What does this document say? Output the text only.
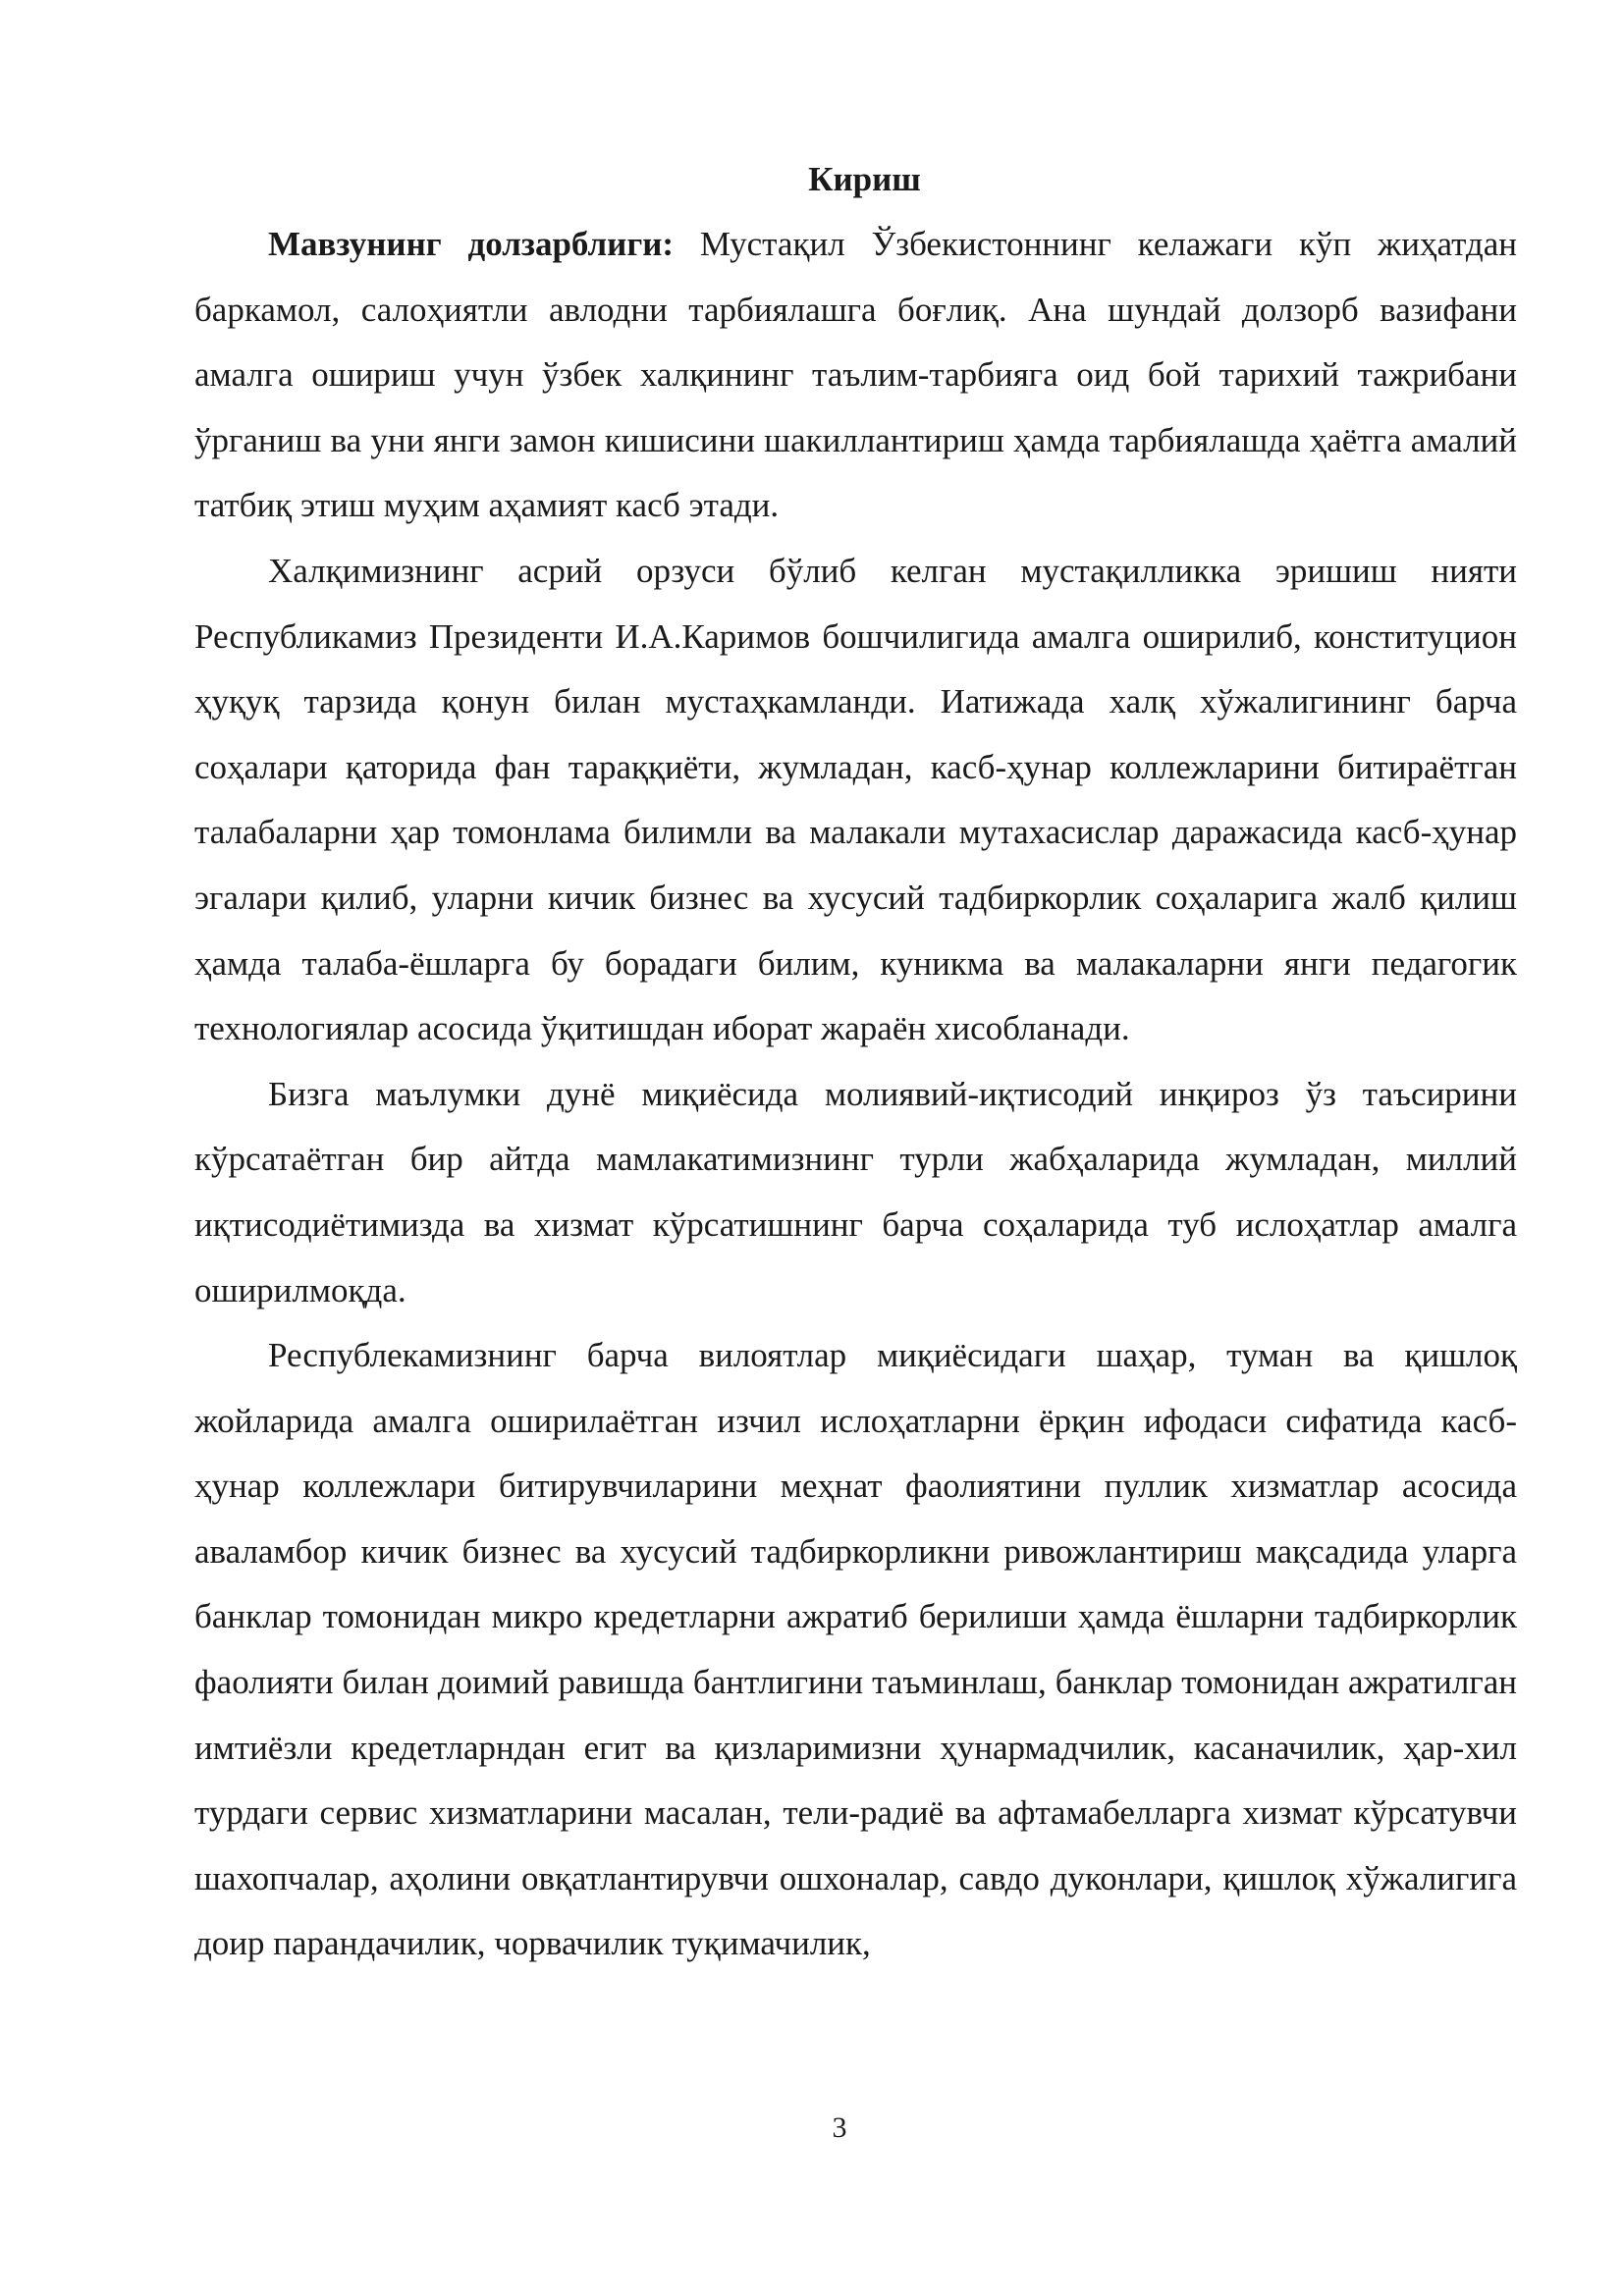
Кириш

Мавзунинг долзарблиги: Мустақил Ўзбекистоннинг келажаги кўп жиҳатдан баркамол, салоҳиятли авлодни тарбиялашга боғлиқ. Ана шундай долзорб вазифани амалга ошириш учун ўзбек халқининг таълим-тарбияга оид бой тарихий тажрибани ўрганиш ва уни янги замон кишисини шакиллантириш ҳамда тарбиялашда ҳаётга амалий татбиқ этиш муҳим аҳамият касб этади.

Халқимизнинг асрий орзуси бўлиб келган мустақилликка эришиш нияти Республикамиз Президенти И.А.Каримов бошчилигида амалга оширилиб, конституцион ҳуқуқ тарзида қонун билан мустаҳкамланди. Иатижада халқ хўжалигининг барча соҳалари қаторида фан тараққиёти, жумладан, касб-ҳунар коллежларини битираётган талабаларни ҳар томонлама билимли ва малакали мутахасислар даражасида касб-ҳунар эгалари қилиб, уларни кичик бизнес ва хусусий тадбиркорлик соҳаларига жалб қилиш ҳамда талаба-ёшларга бу борадаги билим, куникма ва малакаларни янги педагогик технологиялар асосида ўқитишдан иборат жараён хисобланади.

Бизга маълумки дунё миқиёсида молиявий-иқтисодий инқироз ўз таъсирини кўрсатаётган бир айтда мамлакатимизнинг турли жабҳаларида жумладан, миллий иқтисодиётимизда ва хизмат кўрсатишнинг барча соҳаларида туб ислоҳатлар амалга оширилмоқда.

Республекамизнинг барча вилоятлар миқиёсидаги шаҳар, туман ва қишлоқ жойларида амалга оширилаётган изчил ислоҳатларни ёрқин ифодаси сифатида касб-ҳунар коллежлари битирувчиларини меҳнат фаолиятини пуллик хизматлар асосида аваламбор кичик бизнес ва хусусий тадбиркорликни ривожлантириш мақсадида уларга банклар томонидан микро кредетларни ажратиб берилиши ҳамда ёшларни тадбиркорлик фаолияти билан доимий равишда бантлигини таъминлаш, банклар томонидан ажратилган имтиёзли кредетларндан егит ва қизларимизни ҳунармадчилик, касаначилик, ҳар-хил турдаги сервис хизматларини масалан, тели-радиё ва афтамабелларга хизмат кўрсатувчи шахопчалар, аҳолини овқатлантирувчи ошхоналар, савдо дуконлари, қишлоқ хўжалигига доир парандачилик, чорвачилик туқимачилик,

3
